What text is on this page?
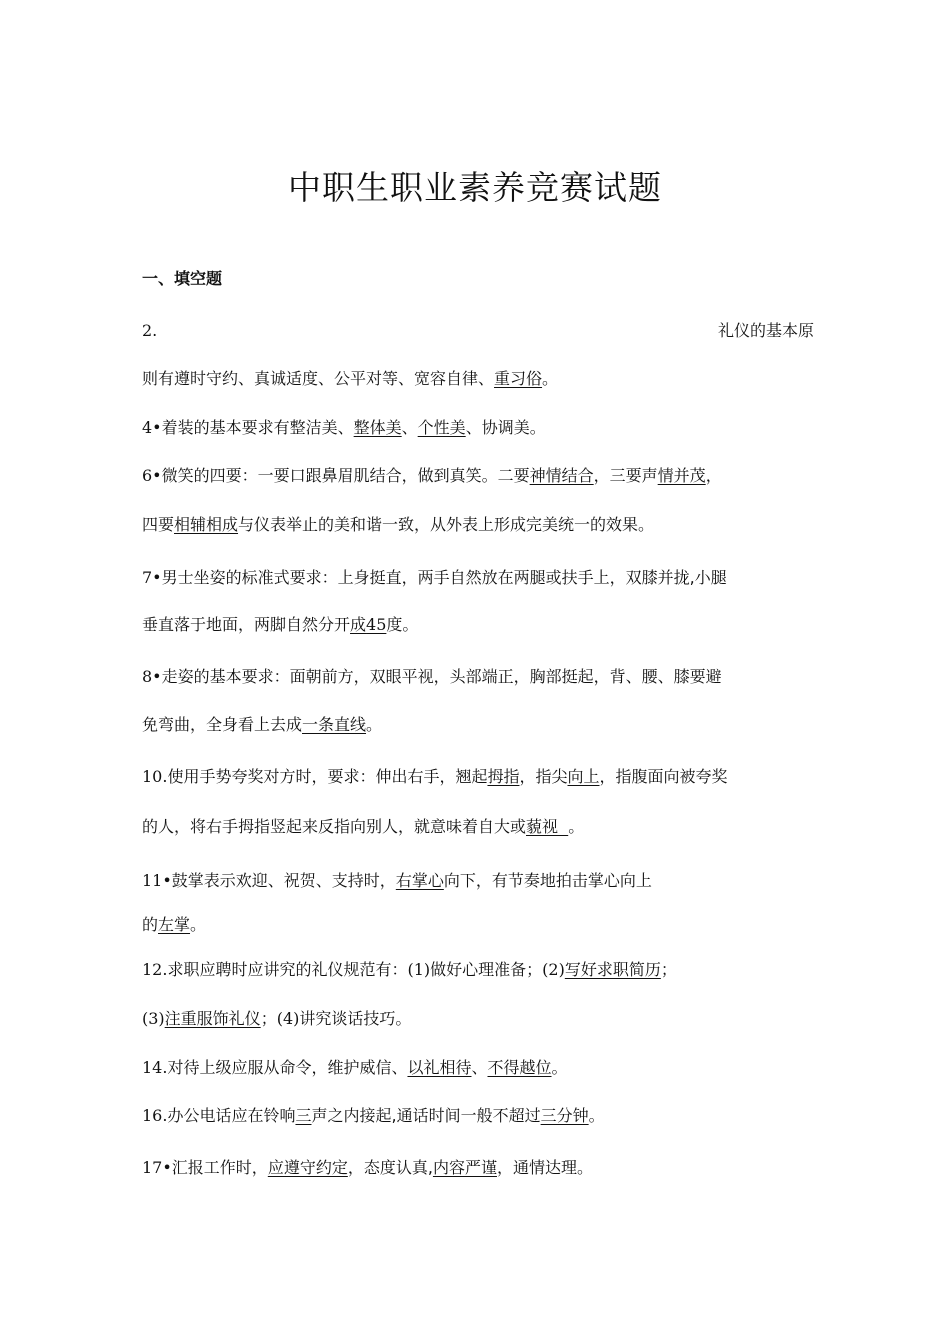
中职生职业素养竞赛试题

一、填空题

2.	礼仪的基本原

则有遵时守约、真诚适度、公平对等、宽容自律、重习俗。

4•着装的基本要求有整洁美、整体美、个性美、协调美。

6•微笑的四要：一要口跟鼻眉肌结合，做到真笑。二要神情结合，三要声情并茂，

四要相辅相成与仪表举止的美和谐一致，从外表上形成完美统一的效果。

7•男士坐姿的标准式要求：上身挺直，两手自然放在两腿或扶手上，双膝并拢,小腿

垂直落于地面，两脚自然分开成45度。

8•走姿的基本要求：面朝前方，双眼平视，头部端正，胸部挺起，背、腰、膝要避

免弯曲，全身看上去成一条直线。

10.使用手势夸奖对方时，要求：伸出右手，翘起拇指，指尖向上，指腹面向被夸奖

的人，将右手拇指竖起来反指向别人，就意味着自大或藐视  。

11•鼓掌表示欢迎、祝贺、支持时，右掌心向下，有节奏地拍击掌心向上

的左掌。

12.求职应聘时应讲究的礼仪规范有：(1)做好心理准备；(2)写好求职简历；

(3)注重服饰礼仪；(4)讲究谈话技巧。

14.对待上级应服从命令，维护威信、以礼相待、不得越位。

16.办公电话应在铃响三声之内接起,通话时间一般不超过三分钟。

17•汇报工作时，应遵守约定，态度认真,内容严谨，通情达理。
